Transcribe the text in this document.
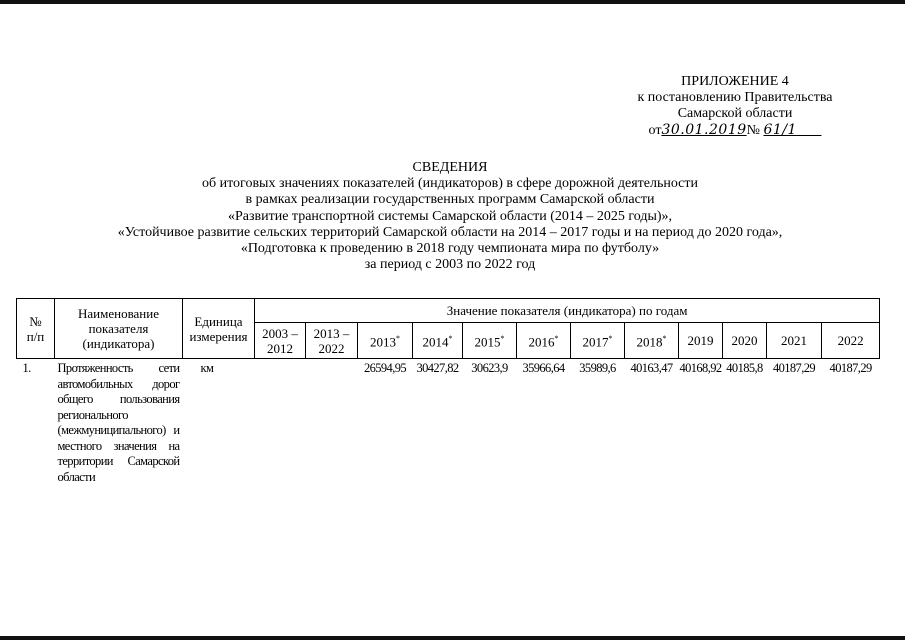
ПРИЛОЖЕНИЕ 4
к постановлению Правительства
Самарской области
от30.01.2019№ 61/1
СВЕДЕНИЯ
об итоговых значениях показателей (индикаторов) в сфере дорожной деятельности
в рамках реализации государственных программ Самарской области
«Развитие транспортной системы Самарской области (2014 – 2025 годы)»,
«Устойчивое развитие сельских территорий Самарской области на 2014 – 2017 годы и на период до 2020 года»,
«Подготовка к проведению в 2018 году чемпионата мира по футболу»
за период с 2003 по 2022 год
№
п/п	Наименование показателя (индикатора)	Единица измерения	Значение показателя (индикатора) по годам											
			2003 – 2012	2013 – 2022	2013*	2014*	2015*	2016*	2017*	2018*	2019	2020	2021	2022
1.	Протяженность сети автомобильных дорог общего пользования регионального (межмуниципального) и местного значения на территории Самарской области	км			26594,95	30427,82	30623,9	35966,64	35989,6	40163,47	40168,92	40185,8	40187,29	40187,29
